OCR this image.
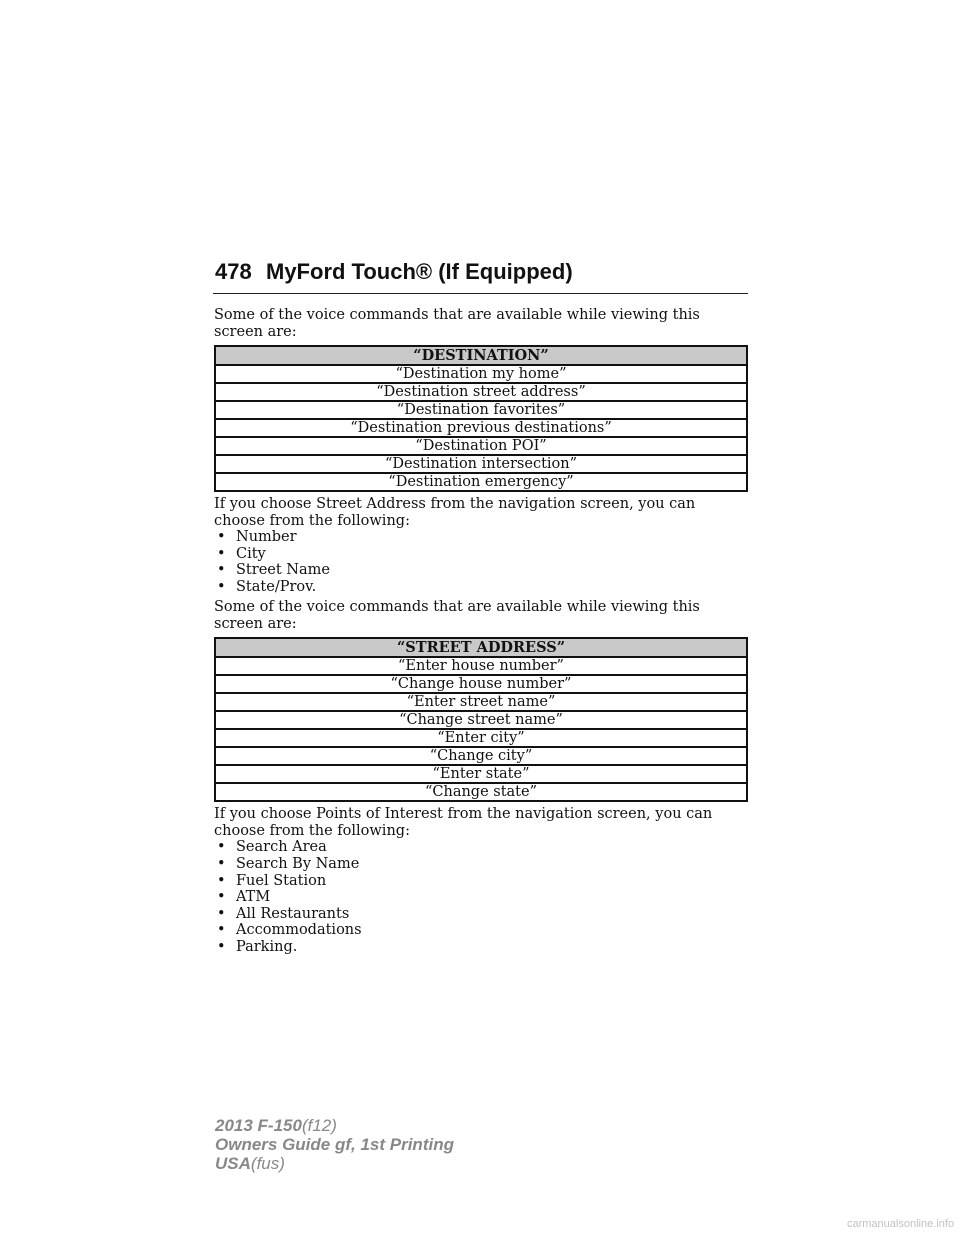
478 MyFord Touch® (If Equipped)

Some of the voice commands that are available while viewing this screen are:

“DESTINATION”
“Destination my home”
“Destination street address”
“Destination favorites”
“Destination previous destinations”
“Destination POI”
“Destination intersection”
“Destination emergency”

If you choose Street Address from the navigation screen, you can choose from the following:

• Number
• City
• Street Name
• State/Prov.

Some of the voice commands that are available while viewing this screen are:

“STREET ADDRESS”
“Enter house number”
“Change house number”
“Enter street name”
“Change street name”
“Enter city”
“Change city”
“Enter state”
“Change state”

If you choose Points of Interest from the navigation screen, you can choose from the following:

• Search Area
• Search By Name
• Fuel Station
• ATM
• All Restaurants
• Accommodations
• Parking.
2013 F-150(f12)
Owners Guide gf, 1st Printing
USA(fus)
carmanualsonline.info
